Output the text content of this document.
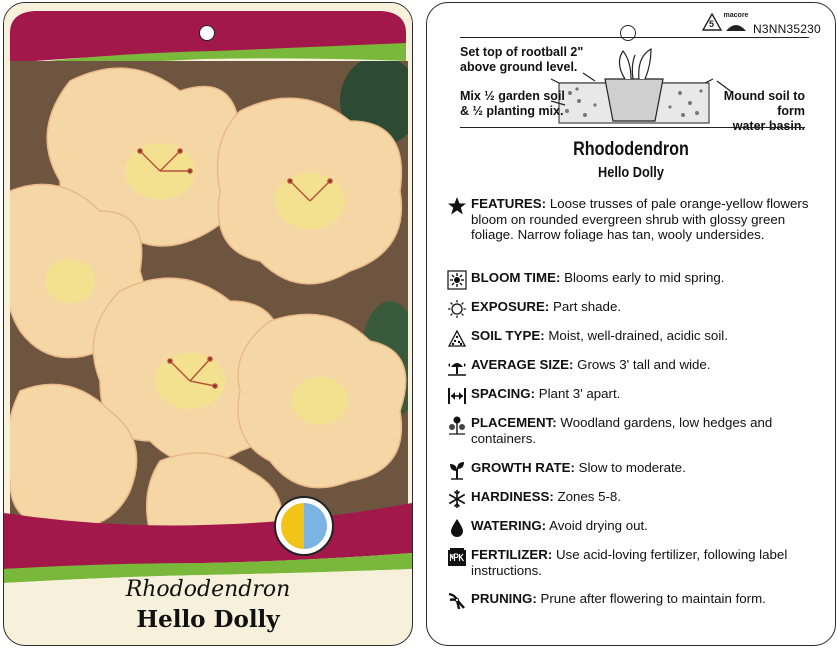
Rhododendron
Hello Dolly
5
macore
N3NN35230
Set top of rootball 2"
above ground level.
Mix ½ garden soil
& ½ planting mix.
Mound soil to form
water basin.
Rhododendron
Hello Dolly
FEATURES: Loose trusses of pale orange-yellow flowers bloom on rounded evergreen shrub with glossy green foliage. Narrow foliage has tan, wooly undersides.
BLOOM TIME: Blooms early to mid spring.
EXPOSURE: Part shade.
SOIL TYPE: Moist, well-drained, acidic soil.
AVERAGE SIZE: Grows 3' tall and wide.
SPACING: Plant 3' apart.
PLACEMENT: Woodland gardens, low hedges and containers.
GROWTH RATE: Slow to moderate.
HARDINESS: Zones 5-8.
WATERING: Avoid drying out.
FERTILIZER: Use acid-loving fertilizer, following label instructions.
PRUNING: Prune after flowering to maintain form.
